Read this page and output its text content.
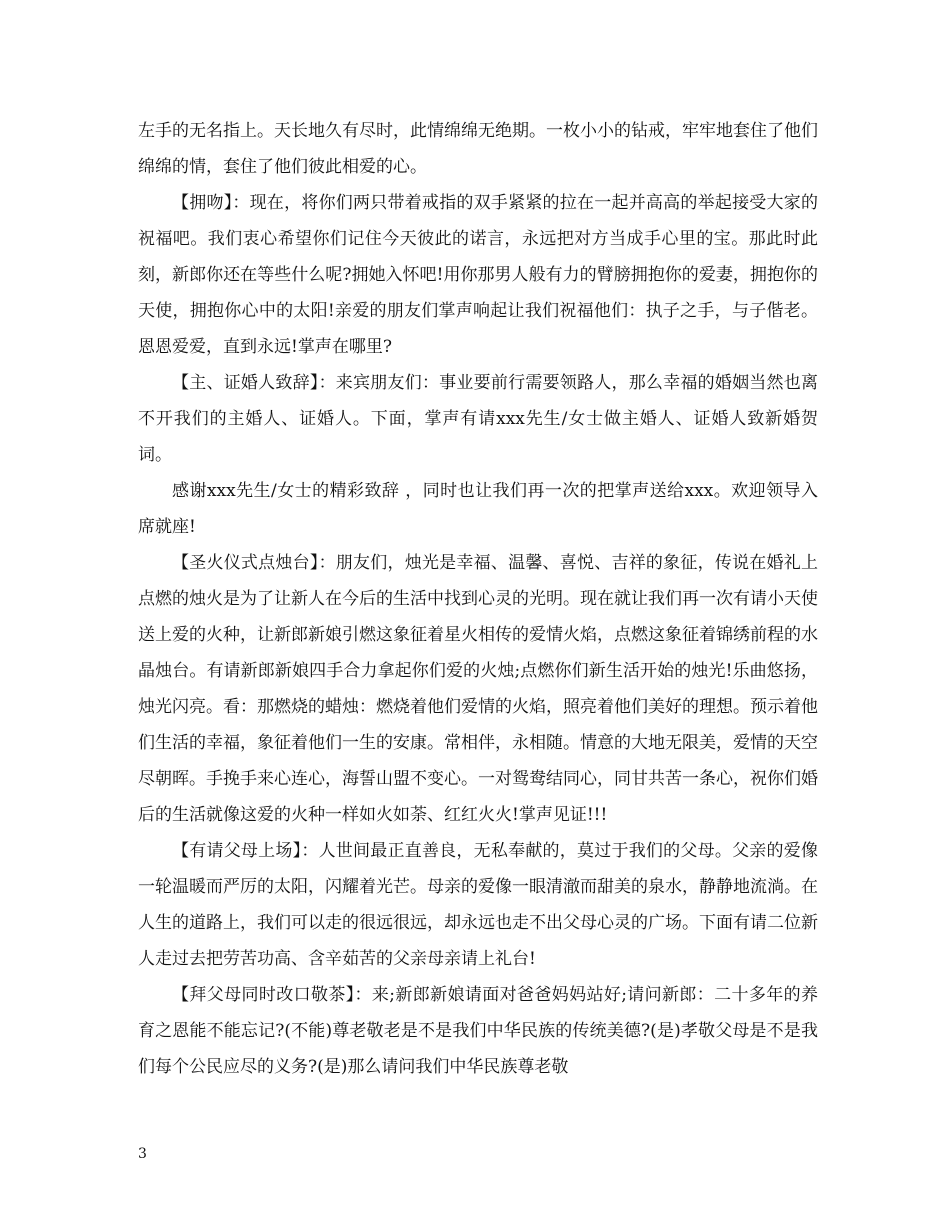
左手的无名指上。天长地久有尽时，此情绵绵无绝期。一枚小小的钻戒，牢牢地套住了他们绵绵的情，套住了他们彼此相爱的心。

【拥吻】：现在，将你们两只带着戒指的双手紧紧的拉在一起并高高的举起接受大家的祝福吧。我们衷心希望你们记住今天彼此的诺言，永远把对方当成手心里的宝。那此时此刻，新郎你还在等些什么呢?拥她入怀吧!用你那男人般有力的臂膀拥抱你的爱妻，拥抱你的天使，拥抱你心中的太阳!亲爱的朋友们掌声响起让我们祝福他们：执子之手，与子偕老。恩恩爱爱，直到永远!掌声在哪里?

【主、证婚人致辞】：来宾朋友们：事业要前行需要领路人，那么幸福的婚姻当然也离不开我们的主婚人、证婚人。下面，掌声有请xxx先生/女士做主婚人、证婚人致新婚贺词。

感谢xxx先生/女士的精彩致辞 ，同时也让我们再一次的把掌声送给xxx。欢迎领导入席就座!

【圣火仪式点烛台】：朋友们，烛光是幸福、温馨、喜悦、吉祥的象征，传说在婚礼上点燃的烛火是为了让新人在今后的生活中找到心灵的光明。现在就让我们再一次有请小天使送上爱的火种，让新郎新娘引燃这象征着星火相传的爱情火焰，点燃这象征着锦绣前程的水晶烛台。有请新郎新娘四手合力拿起你们爱的火烛;点燃你们新生活开始的烛光!乐曲悠扬，烛光闪亮。看：那燃烧的蜡烛：燃烧着他们爱情的火焰，照亮着他们美好的理想。预示着他们生活的幸福，象征着他们一生的安康。常相伴，永相随。情意的大地无限美，爱情的天空尽朝晖。手挽手来心连心，海誓山盟不变心。一对鸳鸯结同心，同甘共苦一条心，祝你们婚后的生活就像这爱的火种一样如火如荼、红红火火!掌声见证!!!

【有请父母上场】：人世间最正直善良，无私奉献的，莫过于我们的父母。父亲的爱像一轮温暖而严厉的太阳，闪耀着光芒。母亲的爱像一眼清澈而甜美的泉水，静静地流淌。在人生的道路上，我们可以走的很远很远，却永远也走不出父母心灵的广场。下面有请二位新人走过去把劳苦功高、含辛茹苦的父亲母亲请上礼台!

【拜父母同时改口敬茶】：来;新郎新娘请面对爸爸妈妈站好;请问新郎：二十多年的养育之恩能不能忘记?(不能)尊老敬老是不是我们中华民族的传统美德?(是)孝敬父母是不是我们每个公民应尽的义务?(是)那么请问我们中华民族尊老敬

3
